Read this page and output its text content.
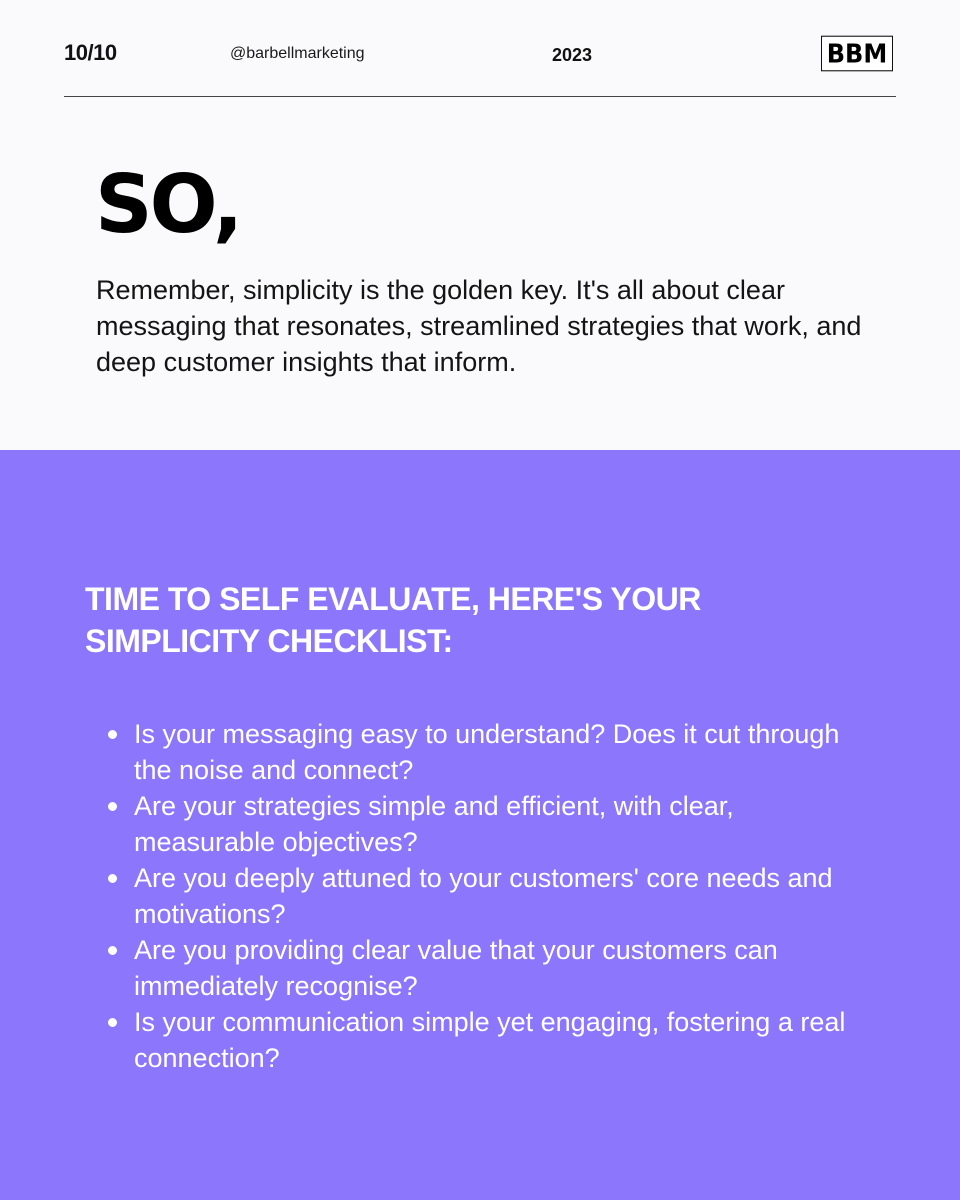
10/10	@barbellmarketing	2023	BBM
SO,
Remember, simplicity is the golden key. It's all about clear messaging that resonates, streamlined strategies that work, and deep customer insights that inform.
TIME TO SELF EVALUATE, HERE'S YOUR SIMPLICITY CHECKLIST:
Is your messaging easy to understand? Does it cut through the noise and connect?
Are your strategies simple and efficient, with clear, measurable objectives?
Are you deeply attuned to your customers' core needs and motivations?
Are you providing clear value that your customers can immediately recognise?
Is your communication simple yet engaging, fostering a real connection?
